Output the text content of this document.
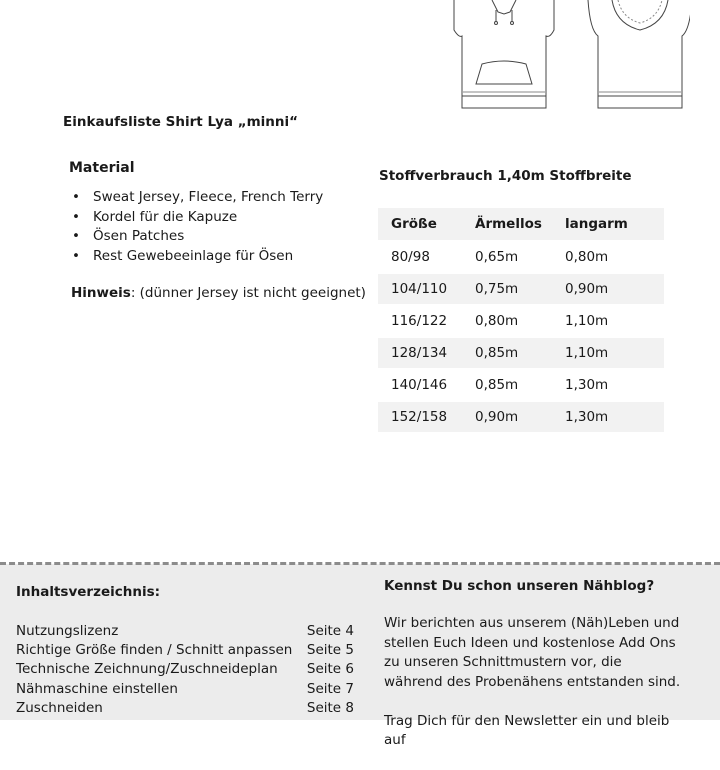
Einkaufsliste Shirt Lya „minni“
Material
• Sweat Jersey, Fleece, French Terry
• Kordel für die Kapuze
• Ösen Patches
• Rest Gewebeeinlage für Ösen
Hinweis: (dünner Jersey ist nicht geeignet)
Stoffverbrauch 1,40m Stoffbreite
Größe	Ärmellos	langarm
80/98	0,65m	0,80m
104/110	0,75m	0,90m
116/122	0,80m	1,10m
128/134	0,85m	1,10m
140/146	0,85m	1,30m
152/158	0,90m	1,30m
Inhaltsverzeichnis:
Nutzungslizenz	Seite 4
Richtige Größe finden / Schnitt anpassen Seite 5
Technische Zeichnung/Zuschneideplan Seite 6
Nähmaschine einstellen	Seite 7
Zuschneiden	Seite 8
Kennst Du schon unseren Nähblog?

Wir berichten aus unserem (Näh)Leben und stellen Euch Ideen und kostenlose Add Ons zu unseren Schnittmustern vor, die während des Probenähens entstanden sind.

Trag Dich für den Newsletter ein und bleib auf
